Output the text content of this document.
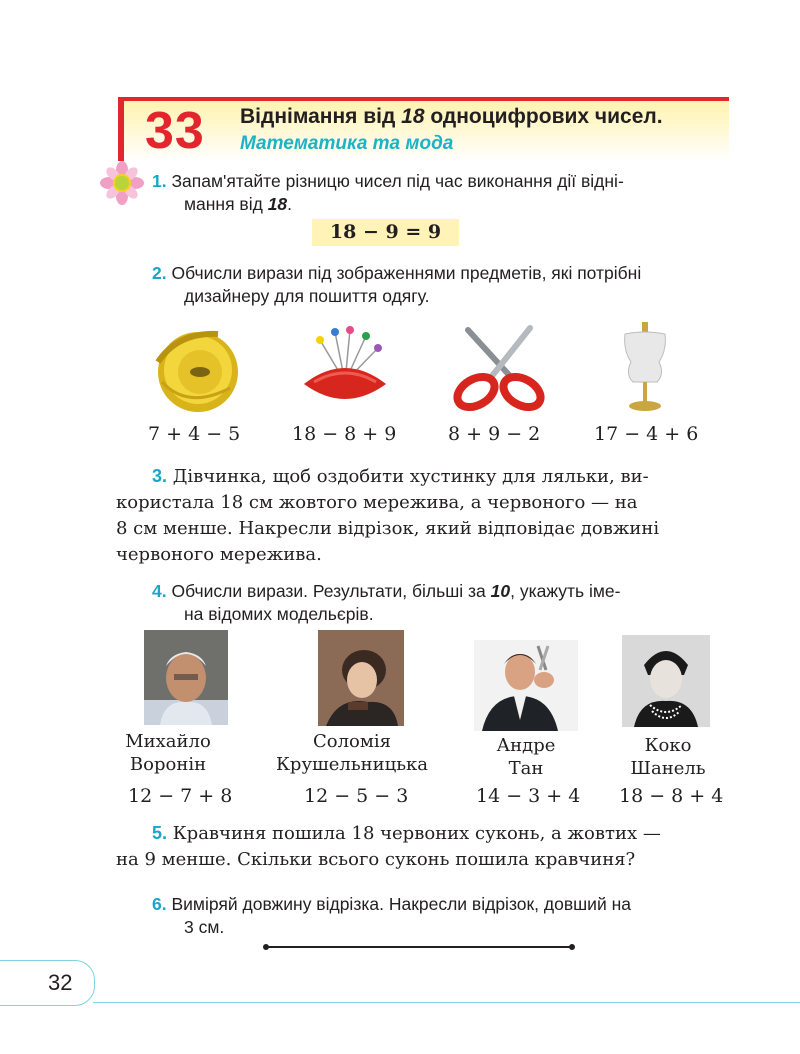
33 Віднімання від 18 одноцифрових чисел.
Математика та мода
1. Запам'ятайте різницю чисел під час виконання дії відні-
мання від 18.
18 − 9 = 9
2. Обчисли вирази під зображеннями предметів, які потрібні
дизайнеру для пошиття одягу.
7 + 4 − 5	18 − 8 + 9	8 + 9 − 2	17 − 4 + 6
3. Дівчинка, щоб оздобити хустинку для ляльки, ви-
користала 18 см жовтого мереживa, а червоного — на
8 см менше. Накресли відрізок, який відповідає довжині
червоного мережива.
4. Обчисли вирази. Результати, більші за 10, укажуть іме-
на відомих модельєрів.
Михайло
Воронін
Соломія
Крушельницька
Андре
Тан
Коко
Шанель
12 − 7 + 8	12 − 5 − 3	14 − 3 + 4 18 − 8 + 4
5. Кравчиня пошила 18 червоних суконь, а жовтих —
на 9 менше. Скільки всього суконь пошила кравчиня?
6. Виміряй довжину відрізка. Накресли відрізок, довший на
3 см.
32
